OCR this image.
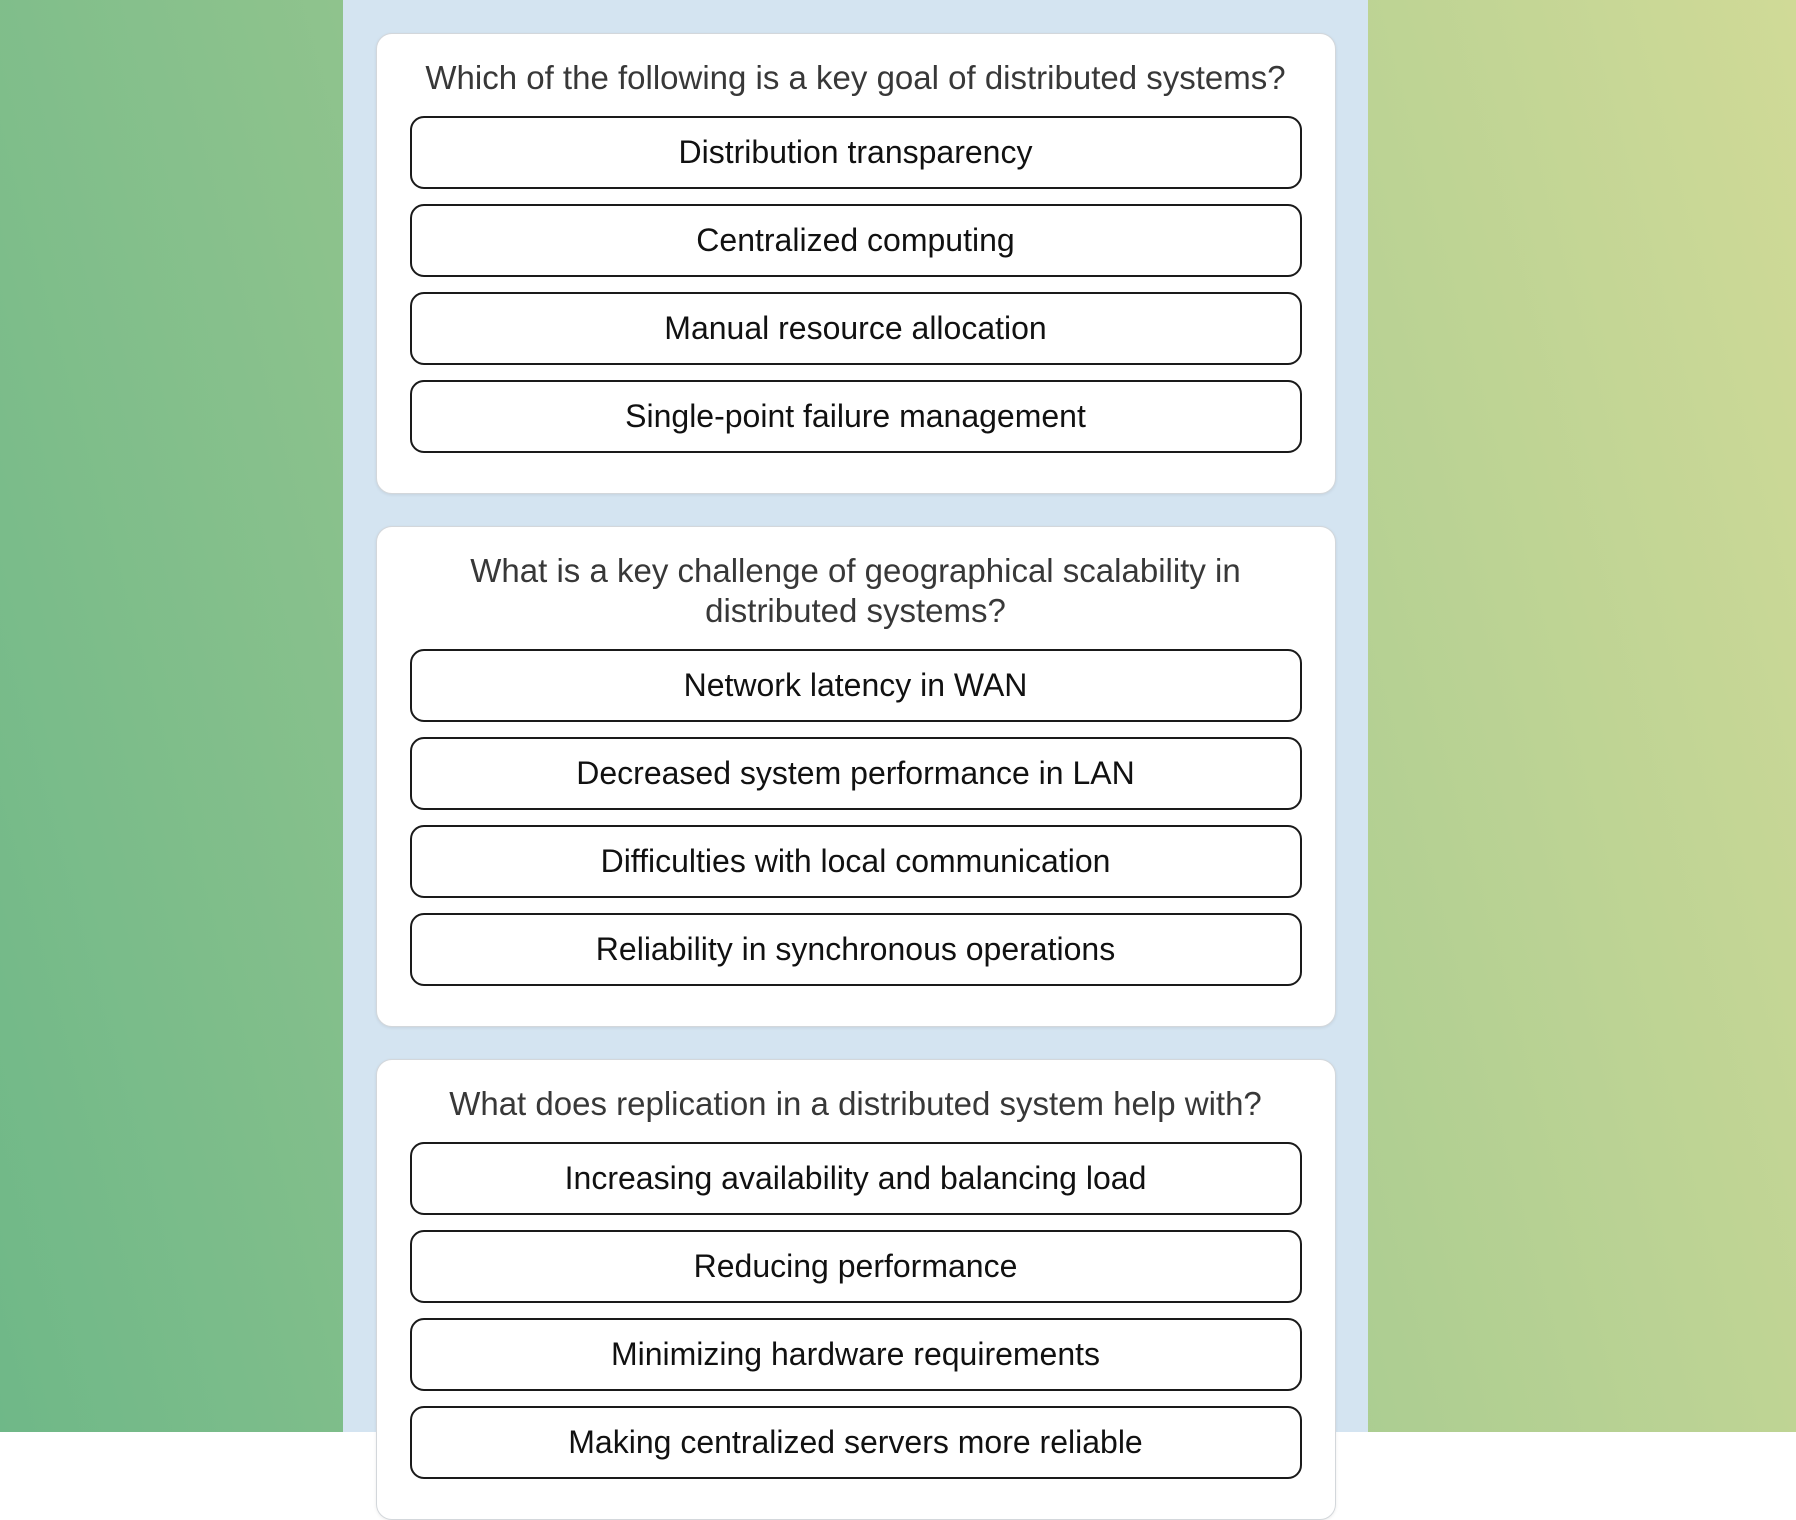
Which of the following is a key goal of distributed systems?
Distribution transparency
Centralized computing
Manual resource allocation
Single-point failure management
What is a key challenge of geographical scalability in distributed systems?
Network latency in WAN
Decreased system performance in LAN
Difficulties with local communication
Reliability in synchronous operations
What does replication in a distributed system help with?
Increasing availability and balancing load
Reducing performance
Minimizing hardware requirements
Making centralized servers more reliable
